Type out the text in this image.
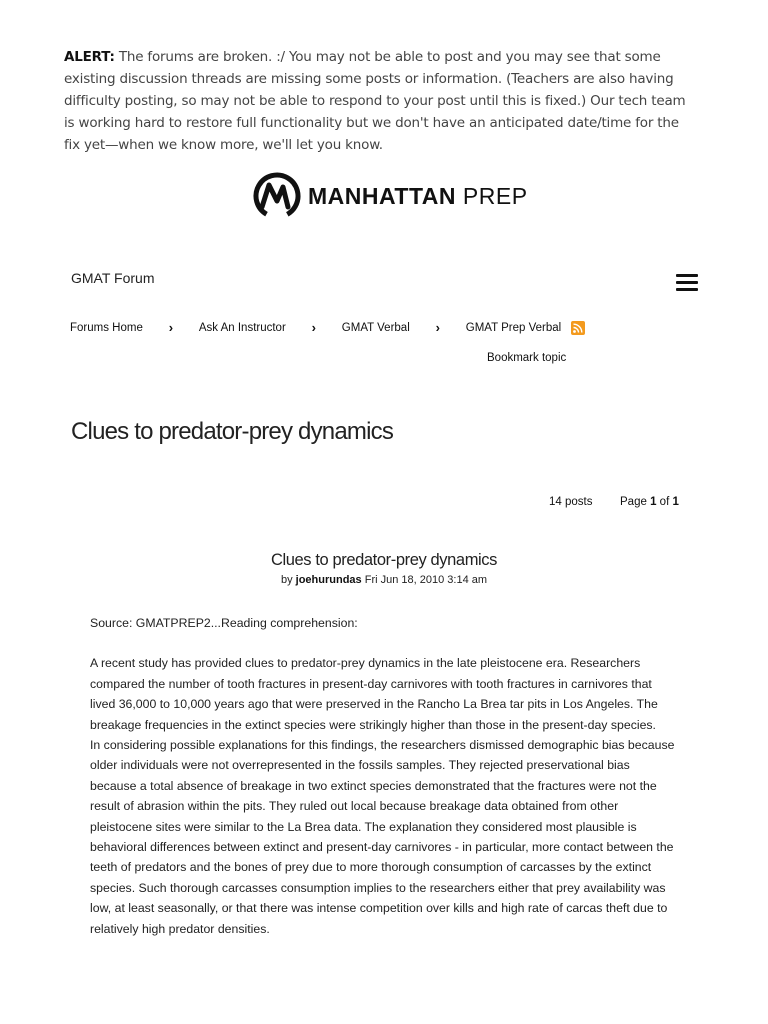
ALERT: The forums are broken. :/ You may not be able to post and you may see that some existing discussion threads are missing some posts or information. (Teachers are also having difficulty posting, so may not be able to respond to your post until this is fixed.) Our tech team is working hard to restore full functionality but we don't have an anticipated date/time for the fix yet—when we know more, we'll let you know.
MANHATTAN PREP
GMAT Forum
Forums Home	›	Ask An Instructor	›	GMAT Verbal	›	GMAT Prep Verbal
Bookmark topic
Clues to predator-prey dynamics
14 posts Page 1 of 1
Clues to predator-prey dynamics
by joehurundas Fri Jun 18, 2010 3:14 am

Source: GMATPREP2...Reading comprehension:

A recent study has provided clues to predator-prey dynamics in the late pleistocene era. Researchers compared the number of tooth fractures in present-day carnivores with tooth fractures in carnivores that lived 36,000 to 10,000 years ago that were preserved in the Rancho La Brea tar pits in Los Angeles. The breakage frequencies in the extinct species were strikingly higher than those in the present-day species.

In considering possible explanations for this findings, the researchers dismissed demographic bias because older individuals were not overrepresented in the fossils samples. They rejected preservational bias because a total absence of breakage in two extinct species demonstrated that the fractures were not the result of abrasion within the pits. They ruled out local because breakage data obtained from other pleistocene sites were similar to the La Brea data. The explanation they considered most plausible is behavioral differences between extinct and present-day carnivores - in particular, more contact between the teeth of predators and the bones of prey due to more thorough consumption of carcasses by the extinct species. Such thorough carcasses consumption implies to the researchers either that prey availability was low, at least seasonally, or that there was intense competition over kills and high rate of carcas theft due to relatively high predator densities.
